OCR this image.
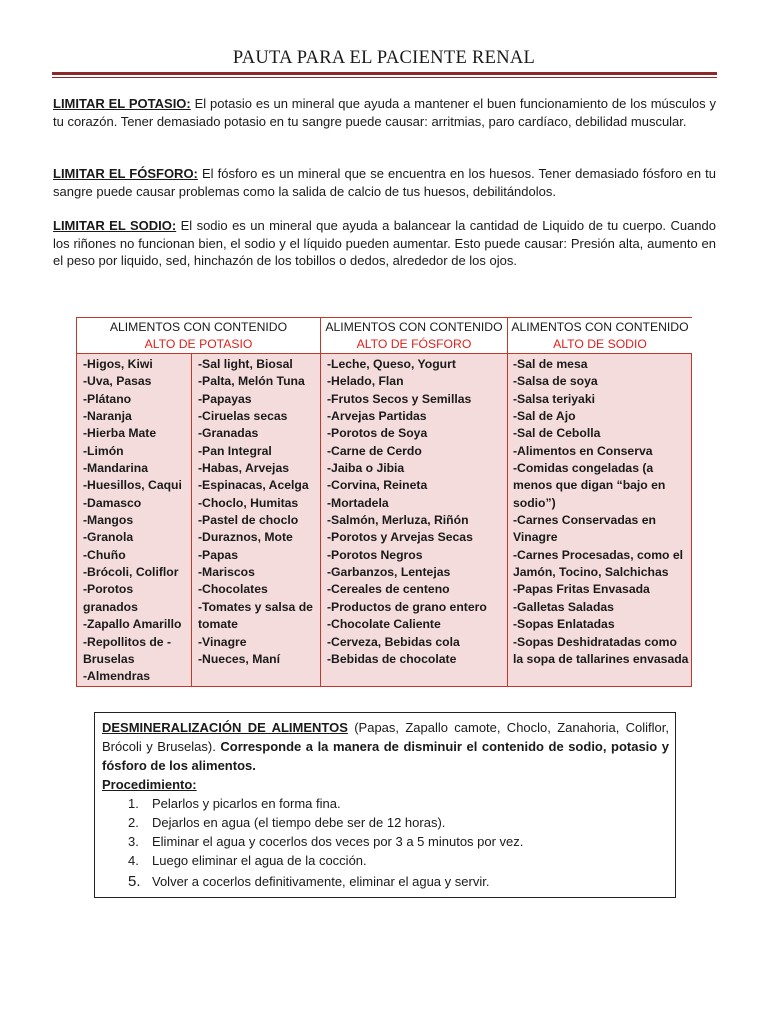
PAUTA PARA EL PACIENTE RENAL

LIMITAR EL POTASIO: El potasio es un mineral que ayuda a mantener el buen funcionamiento de los músculos y tu corazón. Tener demasiado potasio en tu sangre puede causar: arritmias, paro cardíaco, debilidad muscular.

LIMITAR EL FÓSFORO: El fósforo es un mineral que se encuentra en los huesos. Tener demasiado fósforo en tu sangre puede causar problemas como la salida de calcio de tus huesos, debilitándolos.

LIMITAR EL SODIO: El sodio es un mineral que ayuda a balancear la cantidad de Liquido de tu cuerpo. Cuando los riñones no funcionan bien, el sodio y el líquido pueden aumentar. Esto puede causar: Presión alta, aumento en el peso por liquido, sed, hinchazón de los tobillos o dedos, alrededor de los ojos.

ALIMENTOS CON CONTENIDO
ALTO DE POTASIO
ALIMENTOS CON CONTENIDO
ALTO DE FÓSFORO
ALIMENTOS CON CONTENIDO
ALTO DE SODIO
-Higos, Kiwi
-Uva, Pasas
-Plátano
-Naranja
-Hierba Mate
-Limón
-Mandarina
-Huesillos, Caqui
-Damasco
-Mangos
-Granola
-Chuño
-Brócoli, Coliflor
-Porotos granados
-Zapallo Amarillo
-Repollitos de - Bruselas
-Almendras
-Sal light, Biosal
-Palta, Melón Tuna
-Papayas
-Ciruelas secas
-Granadas
-Pan Integral
-Habas, Arvejas
-Espinacas, Acelga
-Choclo, Humitas
-Pastel de choclo
-Duraznos, Mote
-Papas
-Mariscos
-Chocolates
-Tomates y salsa de tomate
-Vinagre
-Nueces, Maní
-Leche, Queso, Yogurt
-Helado, Flan
-Frutos Secos y Semillas
-Arvejas Partidas
-Porotos de Soya
-Carne de Cerdo
-Jaiba o Jibia
-Corvina, Reineta
-Mortadela
-Salmón, Merluza, Riñón
-Porotos y Arvejas Secas
-Porotos Negros
-Garbanzos, Lentejas
-Cereales de centeno
-Productos de grano entero
-Chocolate Caliente
-Cerveza, Bebidas cola
-Bebidas de chocolate
-Sal de mesa
-Salsa de soya
-Salsa teriyaki
-Sal de Ajo
-Sal de Cebolla
-Alimentos en Conserva
-Comidas congeladas (a menos que digan “bajo en sodio”)
-Carnes Conservadas en Vinagre
-Carnes Procesadas, como el Jamón, Tocino, Salchichas
-Papas Fritas Envasada
-Galletas Saladas
-Sopas Enlatadas
-Sopas Deshidratadas como la sopa de tallarines envasada
DESMINERALIZACIÓN DE ALIMENTOS (Papas, Zapallo camote, Choclo, Zanahoria, Coliflor, Brócoli y Bruselas). Corresponde a la manera de disminuir el contenido de sodio, potasio y fósforo de los alimentos.
Procedimiento:
1. Pelarlos y picarlos en forma fina.
2. Dejarlos en agua (el tiempo debe ser de 12 horas).
3. Eliminar el agua y cocerlos dos veces por 3 a 5 minutos por vez.
4. Luego eliminar el agua de la cocción.
5. Volver a cocerlos definitivamente, eliminar el agua y servir.
